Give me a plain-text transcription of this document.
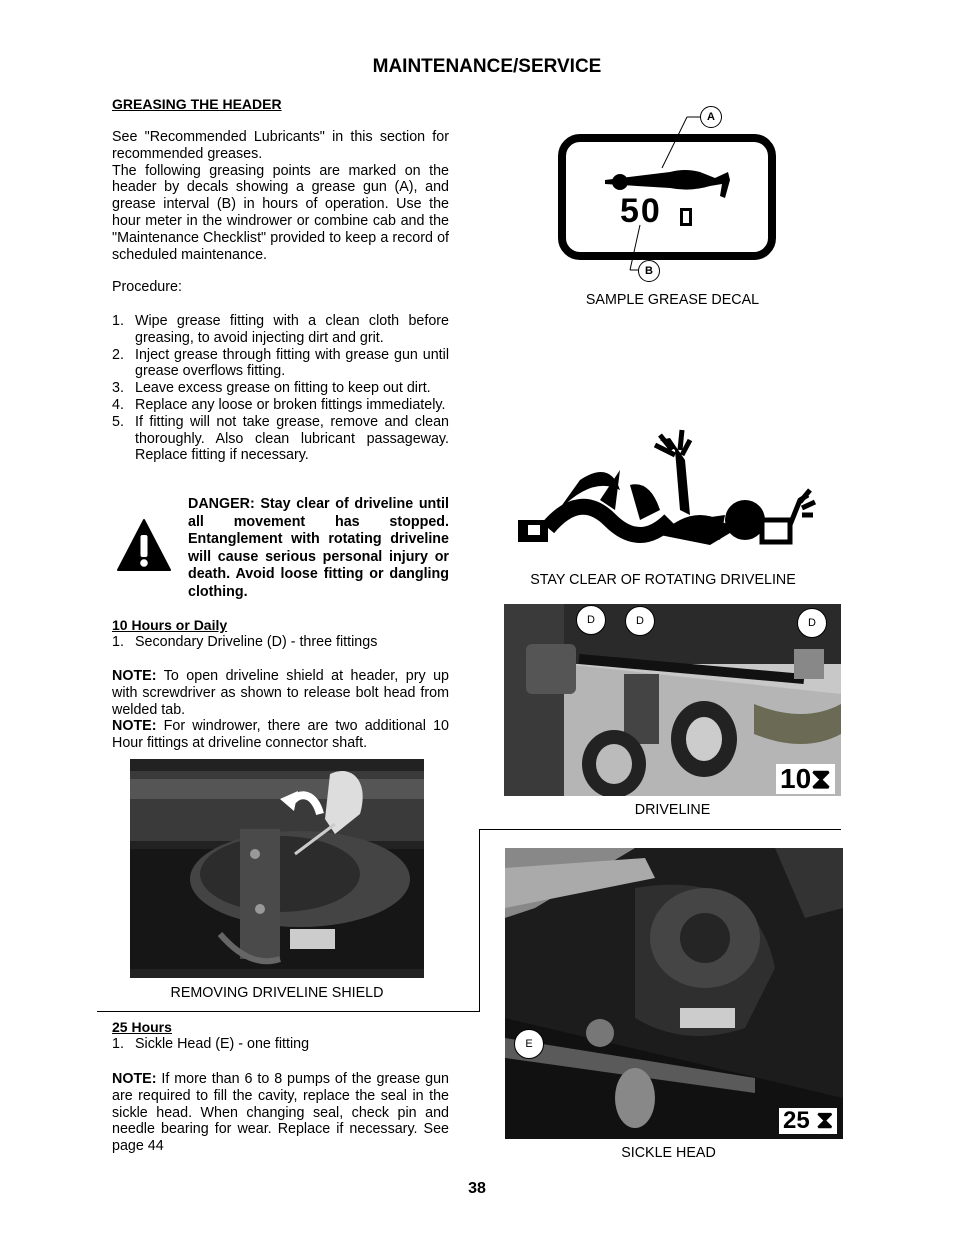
MAINTENANCE/SERVICE
GREASING THE HEADER

See "Recommended Lubricants" in this section for recommended greases.

The following greasing points are marked on the header by decals showing a grease gun (A), and grease interval (B) in hours of operation. Use the hour meter in the windrower or combine cab and the "Maintenance Checklist" provided to keep a record of scheduled maintenance.

Procedure:
1. Wipe grease fitting with a clean cloth before greasing, to avoid injecting dirt and grit.
2. Inject grease through fitting with grease gun until grease overflows fitting.
3. Leave excess grease on fitting to keep out dirt.
4. Replace any loose or broken fittings immediately.
5. If fitting will not take grease, remove and clean thoroughly. Also clean lubricant passageway. Replace fitting if necessary.
DANGER: Stay clear of driveline until all movement has stopped. Entanglement with rotating driveline will cause serious personal injury or death. Avoid loose fitting or dangling clothing.
10 Hours or Daily
1. Secondary Driveline (D) - three fittings

NOTE: To open driveline shield at header, pry up with screwdriver as shown to release bolt head from welded tab.

NOTE: For windrower, there are two additional 10 Hour fittings at driveline connector shaft.

REMOVING DRIVELINE SHIELD
25 Hours
1. Sickle Head (E) - one fitting

NOTE: If more than 6 to 8 pumps of the grease gun are required to fill the cavity, replace the seal in the sickle head. When changing seal, check pin and needle bearing for wear. Replace if necessary. See page 44

50
A
B
SAMPLE GREASE DECAL
STAY CLEAR OF ROTATING DRIVELINE
D	D	D
10⧗
DRIVELINE
E
25 ⧗
SICKLE HEAD
38
